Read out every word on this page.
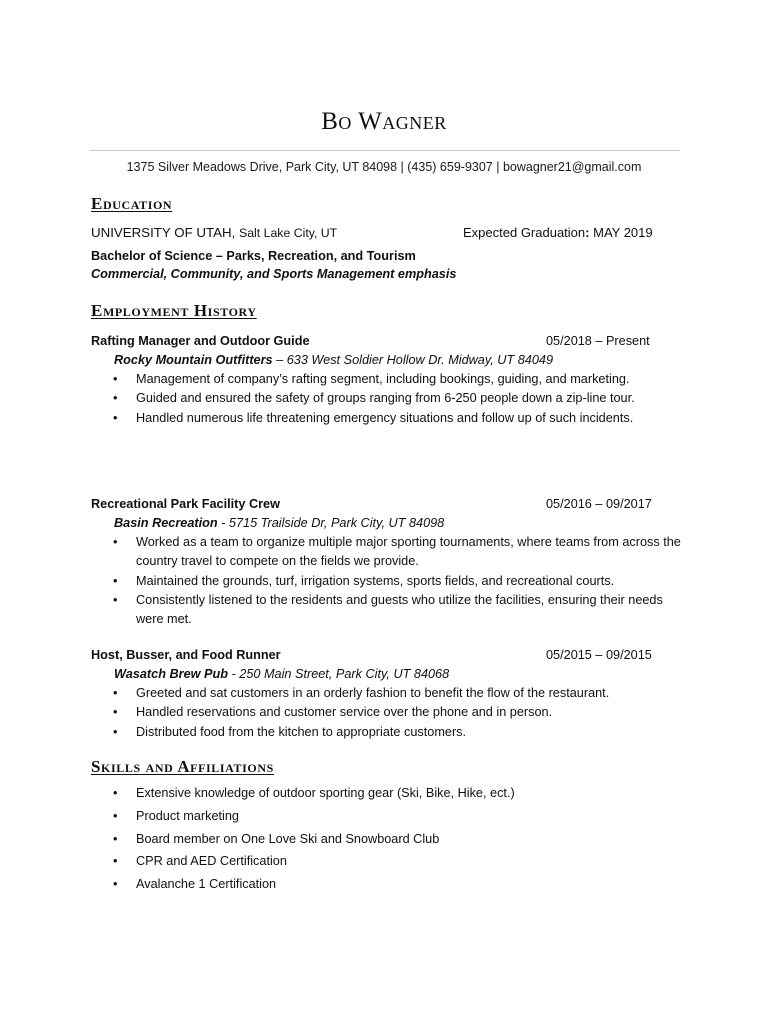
Bo Wagner
1375 Silver Meadows Drive, Park City, UT 84098 | (435) 659-9307 | bowagner21@gmail.com
Education
UNIVERSITY OF UTAH, Salt Lake City, UT	Expected Graduation: MAY 2019
Bachelor of Science – Parks, Recreation, and Tourism
Commercial, Community, and Sports Management emphasis
Employment History
Rafting Manager and Outdoor Guide	05/2018 – Present
Rocky Mountain Outfitters – 633 West Soldier Hollow Dr. Midway, UT 84049
• Management of company’s rafting segment, including bookings, guiding, and marketing.
• Guided and ensured the safety of groups ranging from 6-250 people down a zip-line tour.
• Handled numerous life threatening emergency situations and follow up of such incidents.
Recreational Park Facility Crew	05/2016 – 09/2017
Basin Recreation - 5715 Trailside Dr, Park City, UT 84098
• Worked as a team to organize multiple major sporting tournaments, where teams from across the country travel to compete on the fields we provide.
• Maintained the grounds, turf, irrigation systems, sports fields, and recreational courts.
• Consistently listened to the residents and guests who utilize the facilities, ensuring their needs were met.
Host, Busser, and Food Runner	05/2015 – 09/2015
Wasatch Brew Pub - 250 Main Street, Park City, UT 84068
• Greeted and sat customers in an orderly fashion to benefit the flow of the restaurant.
• Handled reservations and customer service over the phone and in person.
• Distributed food from the kitchen to appropriate customers.
Skills and Affiliations
• Extensive knowledge of outdoor sporting gear (Ski, Bike, Hike, ect.)
• Product marketing
• Board member on One Love Ski and Snowboard Club
• CPR and AED Certification
• Avalanche 1 Certification
